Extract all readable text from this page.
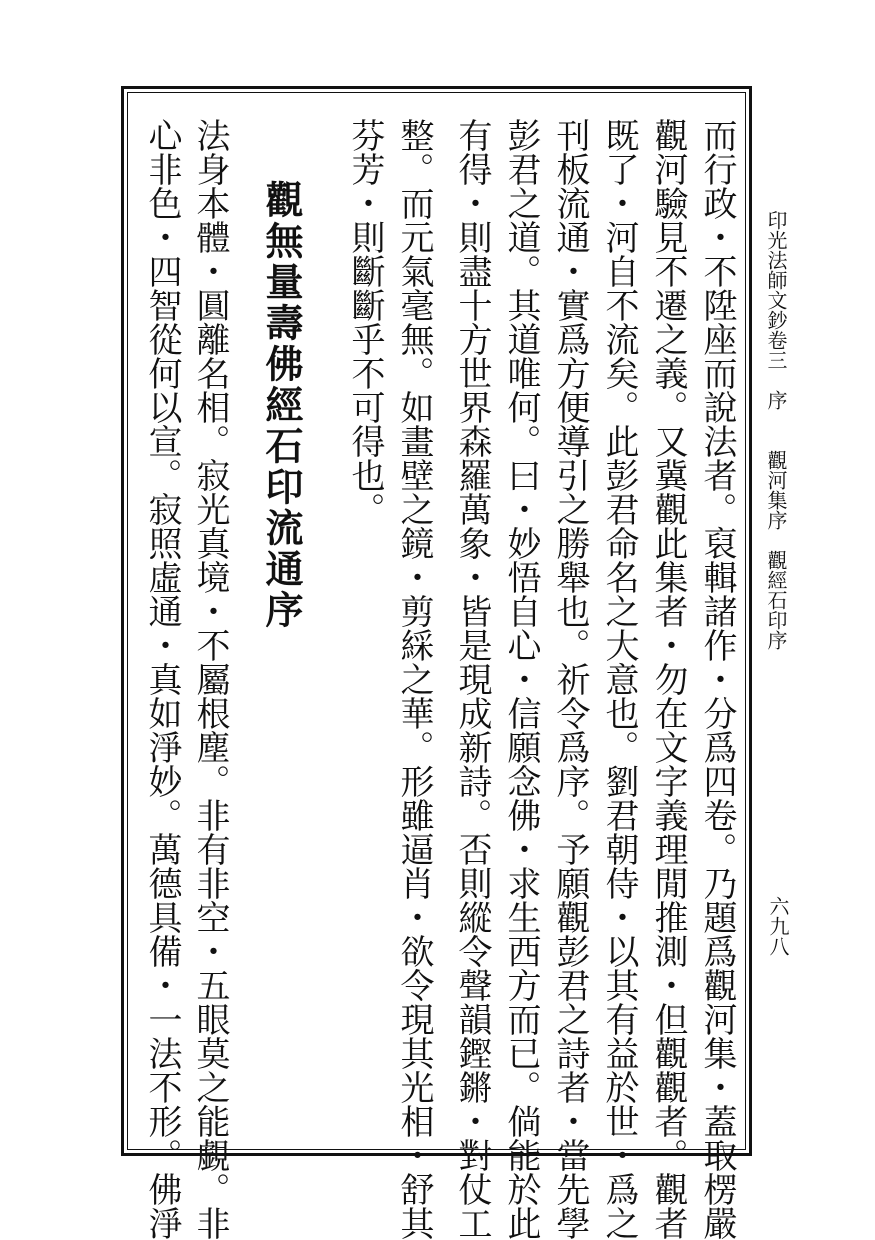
印光法師文鈔卷三　序　　觀河集序　觀經石印序
六九八
而行政・不陞座而說法者。裒輯諸作・分爲四卷。乃題爲觀河集・蓋取楞嚴
觀河驗見不遷之義。又冀觀此集者・勿在文字義理閒推測・但觀觀者。觀者
既了・河自不流矣。此彭君命名之大意也。劉君朝侍・以其有益於世・爲之
刊板流通・實爲方便導引之勝舉也。祈令爲序。予願觀彭君之詩者・當先學
彭君之道。其道唯何。曰・妙悟自心・信願念佛・求生西方而已。倘能於此
有得・則盡十方世界森羅萬象・皆是現成新詩。否則縱令聲韻鏗鏘・對仗工
整。而元氣毫無。如畫壁之鏡・剪綵之華。形雖逼肖・欲令現其光相・舒其
芬芳・則斷斷乎不可得也。
觀無量壽佛經石印流通序
法身本體・圓離名相。寂光真境・不屬根塵。非有非空・五眼莫之能覷。非
心非色・四智從何以宣。寂照虛通・真如淨妙。萬德具備・一法不形。佛淨
